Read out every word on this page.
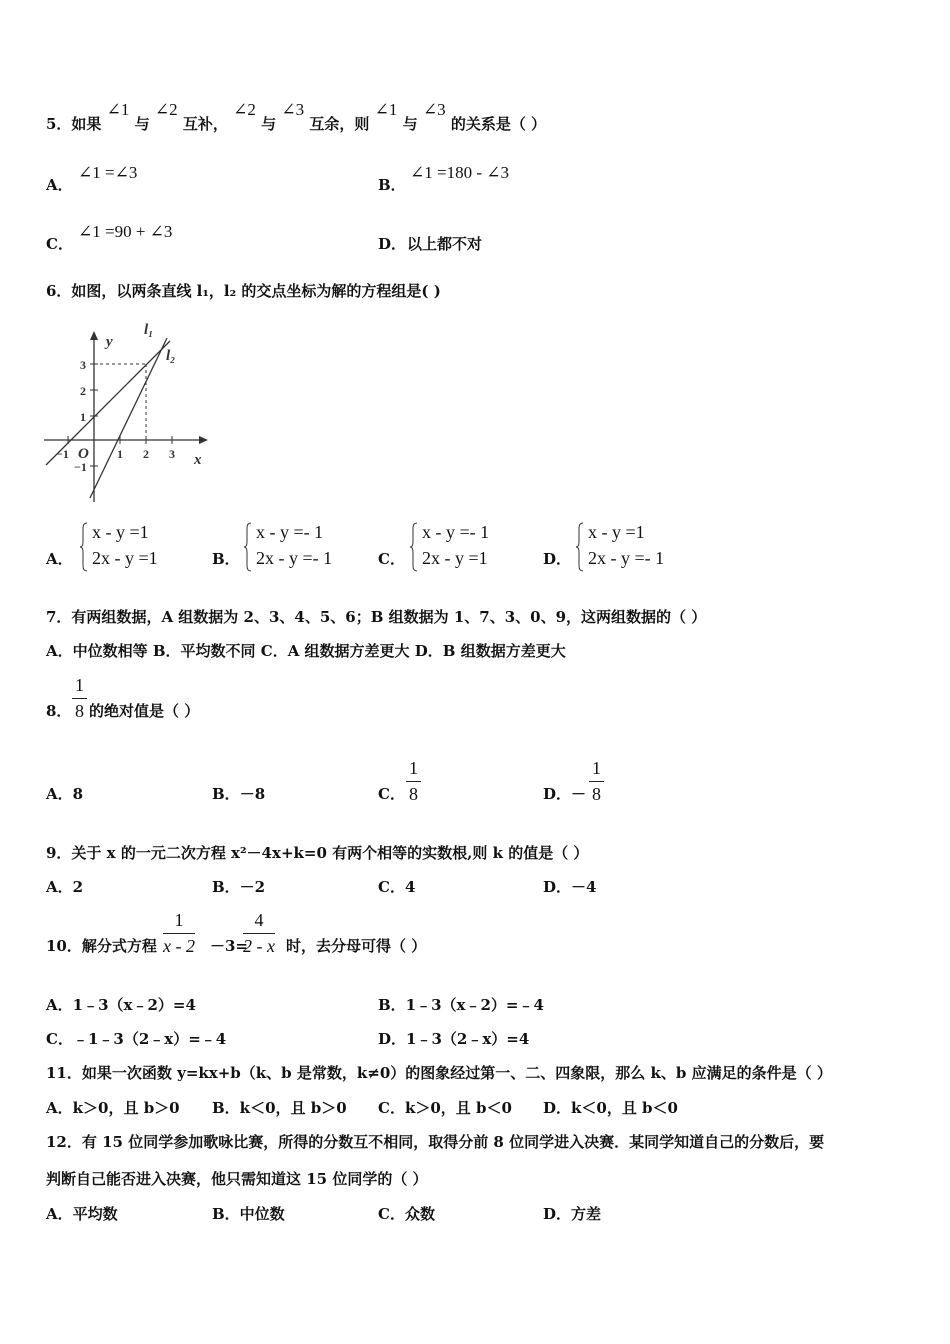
5．如果 ∠1 与 ∠2 互补， ∠2 与 ∠3 互余，则 ∠1 与 ∠3 的关系是（ ）
A．
∠1 =∠3
B．
∠1 =180 - ∠3
C．
∠1 =90 + ∠3
D． 以上都不对
6．如图，以两条直线 l₁，l₂ 的交点坐标为解的方程组是( )
y
x
O
l₁
l₂
3
2
1
−1
−1	1 2 3
A．
x - y =1
2x - y =1	B．
x - y =- 1
2x - y =- 1	C．
x - y =- 1
2x - y =1	D．
x - y =1
2x - y =- 1
7．有两组数据，A 组数据为 2、3、4、5、6；B 组数据为 1、7、3、0、9，这两组数据的（ ）
A．中位数相等 B．平均数不同 C．A 组数据方差更大 D．B 组数据方差更大
8． $\frac{1}{8}$ 的绝对值是（ ）
A．8	B．－8	C． $\frac{1}{8}$	D． － $\frac{1}{8}$
9．关于 x 的一元二次方程 x²－4x+k=0 有两个相等的实数根,则 k 的值是（ ）
A．2	B．－2	C．4	D．－4
10．解分式方程 $\frac{1}{x - 2} -3=$
$\frac{4}{2 - x}$ 时，去分母可得（ ）
A．1﹣3（x﹣2）=4	B．1﹣3（x﹣2）=﹣4
C．﹣1﹣3（2﹣x）=﹣4	D．1﹣3（2﹣x）=4
11．如果一次函数 y=kx+b（k、b 是常数，k≠0）的图象经过第一、二、四象限，那么 k、b 应满足的条件是（ ）
A．k＞0，且 b＞0 B．k＜0，且 b＞0 C．k＞0，且 b＜0 D．k＜0，且 b＜0
12．有 15 位同学参加歌咏比赛，所得的分数互不相同，取得分前 8 位同学进入决赛．某同学知道自己的分数后，要
判断自己能否进入决赛，他只需知道这 15 位同学的（ ）
A．平均数	B．中位数	C．众数	D．方差
